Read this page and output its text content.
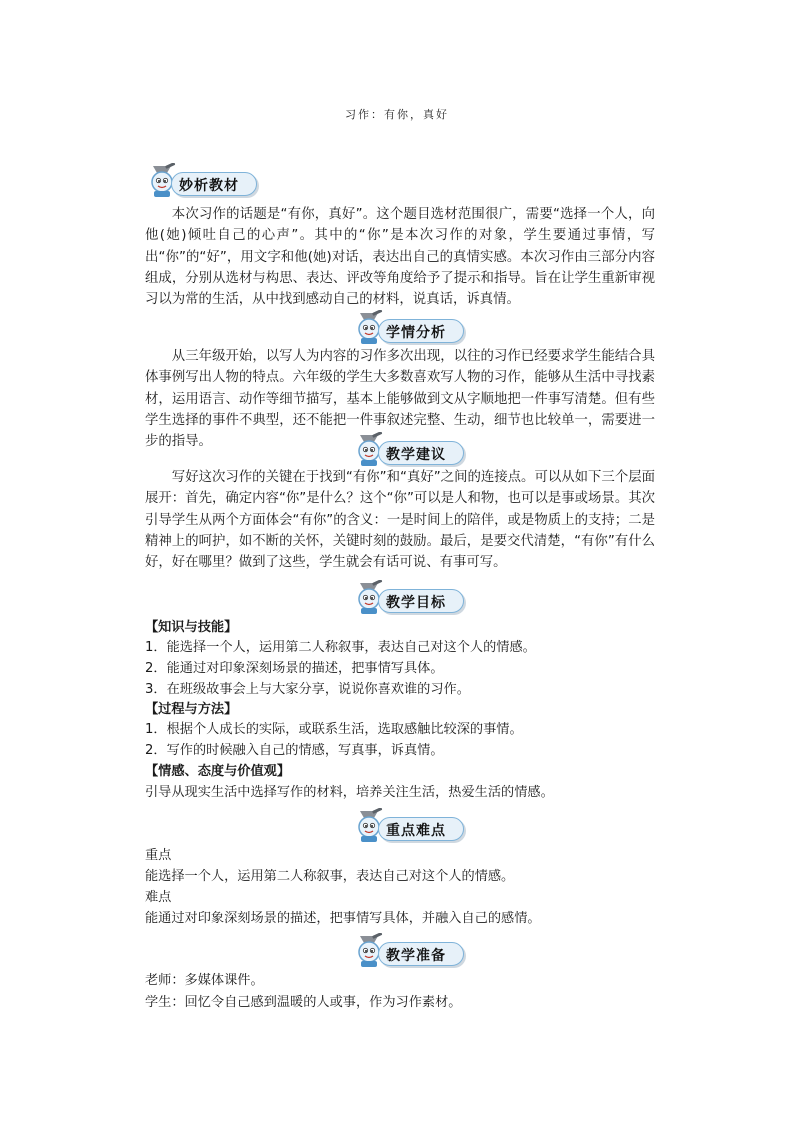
习作：有你，真好
妙析教材

本次习作的话题是“有你，真好”。这个题目选材范围很广，需要“选择一个人，向他(她)倾吐自己的心声”。其中的“你”是本次习作的对象，学生要通过事情，写出“你”的“好”，用文字和他(她)对话，表达出自己的真情实感。本次习作由三部分内容组成，分别从选材与构思、表达、评改等角度给予了提示和指导。旨在让学生重新审视习以为常的生活，从中找到感动自己的材料，说真话，诉真情。

学情分析

从三年级开始，以写人为内容的习作多次出现，以往的习作已经要求学生能结合具体事例写出人物的特点。六年级的学生大多数喜欢写人物的习作，能够从生活中寻找素材，运用语言、动作等细节描写，基本上能够做到文从字顺地把一件事写清楚。但有些学生选择的事件不典型，还不能把一件事叙述完整、生动，细节也比较单一，需要进一步的指导。

教学建议

写好这次习作的关键在于找到“有你”和“真好”之间的连接点。可以从如下三个层面展开：首先，确定内容“你”是什么？这个“你”可以是人和物，也可以是事或场景。其次引导学生从两个方面体会“有你”的含义：一是时间上的陪伴，或是物质上的支持；二是精神上的呵护，如不断的关怀，关键时刻的鼓励。最后，是要交代清楚，“有你”有什么好，好在哪里？做到了这些，学生就会有话可说、有事可写。

教学目标
【知识与技能】
1．能选择一个人，运用第二人称叙事，表达自己对这个人的情感。
2．能通过对印象深刻场景的描述，把事情写具体。
3．在班级故事会上与大家分享，说说你喜欢谁的习作。
【过程与方法】
1．根据个人成长的实际，或联系生活，选取感触比较深的事情。
2．写作的时候融入自己的情感，写真事，诉真情。
【情感、态度与价值观】
引导从现实生活中选择写作的材料，培养关注生活，热爱生活的情感。
重点难点
重点
能选择一个人，运用第二人称叙事，表达自己对这个人的情感。
难点
能通过对印象深刻场景的描述，把事情写具体，并融入自己的感情。
教学准备
老师：多媒体课件。
学生：回忆令自己感到温暖的人或事，作为习作素材。
